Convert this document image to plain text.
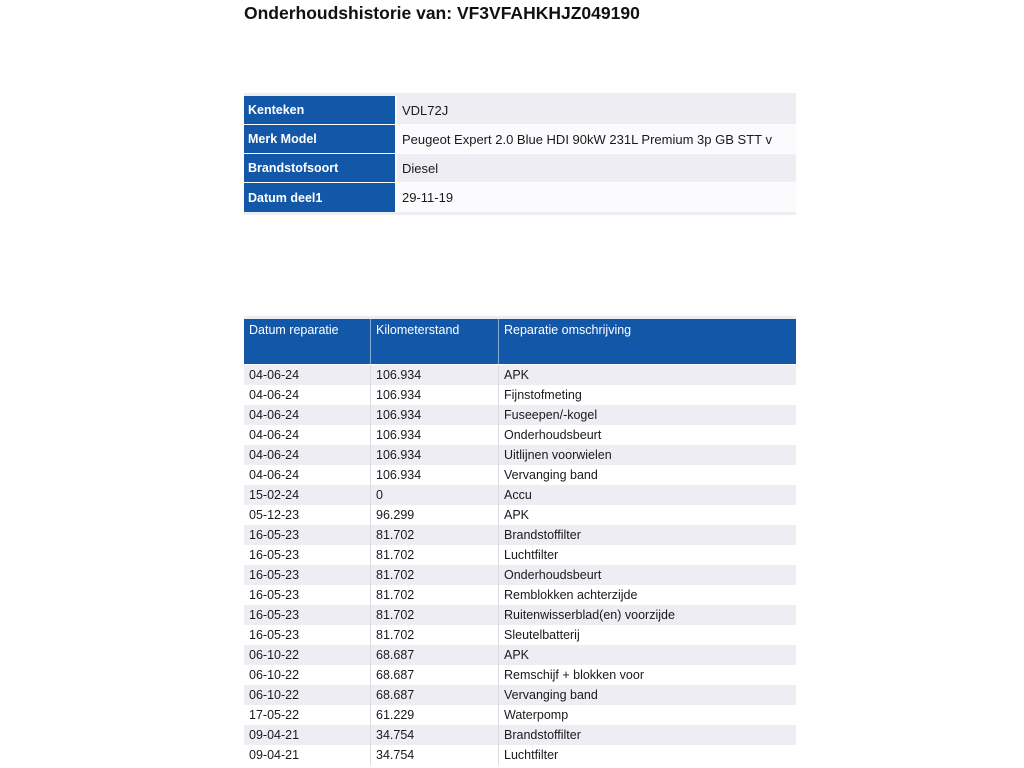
Onderhoudshistorie van: VF3VFAHKHJZ049190
Kenteken	VDL72J
Merk Model	Peugeot Expert 2.0 Blue HDI 90kW 231L Premium 3p GB STT v
Brandstofsoort	Diesel
Datum deel1	29-11-19
Datum reparatie	Kilometerstand	Reparatie omschrijving
04-06-24	106.934	APK
04-06-24	106.934	Fijnstofmeting
04-06-24	106.934	Fuseepen/-kogel
04-06-24	106.934	Onderhoudsbeurt
04-06-24	106.934	Uitlijnen voorwielen
04-06-24	106.934	Vervanging band
15-02-24	0	Accu
05-12-23	96.299	APK
16-05-23	81.702	Brandstoffilter
16-05-23	81.702	Luchtfilter
16-05-23	81.702	Onderhoudsbeurt
16-05-23	81.702	Remblokken achterzijde
16-05-23	81.702	Ruitenwisserblad(en) voorzijde
16-05-23	81.702	Sleutelbatterij
06-10-22	68.687	APK
06-10-22	68.687	Remschijf + blokken voor
06-10-22	68.687	Vervanging band
17-05-22	61.229	Waterpomp
09-04-21	34.754	Brandstoffilter
09-04-21	34.754	Luchtfilter
